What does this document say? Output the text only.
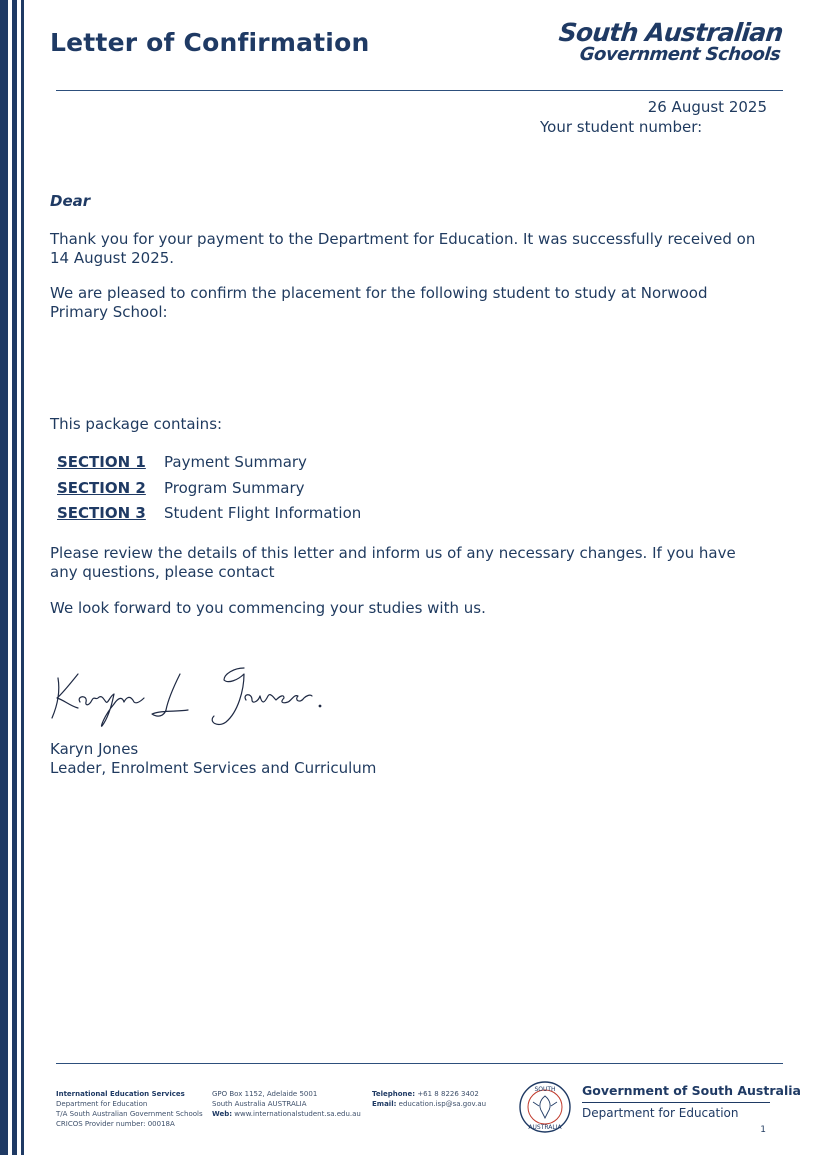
Letter of Confirmation	South Australian
Government Schools
26 August 2025
Your student number:
Dear

Thank you for your payment to the Department for Education. It was successfully received on 14 August 2025.

We are pleased to confirm the placement for the following student to study at Norwood Primary School:

This package contains:

SECTION 1	Payment Summary
SECTION 2	Program Summary
SECTION 3	Student Flight Information

Please review the details of this letter and inform us of any necessary changes. If you have any questions, please contact

We look forward to you commencing your studies with us.

Karyn Jones
Leader, Enrolment Services and Curriculum
International Education Services
Department for Education
T/A South Australian Government Schools
CRICOS Provider number: 00018A
GPO Box 1152, Adelaide 5001
South Australia AUSTRALIA
Web: www.internationalstudent.sa.edu.au
Telephone: +61 8 8226 3402
Email: education.isp@sa.gov.au
SOUTH
AUSTRALIA
Government of South Australia
Department for Education
1
